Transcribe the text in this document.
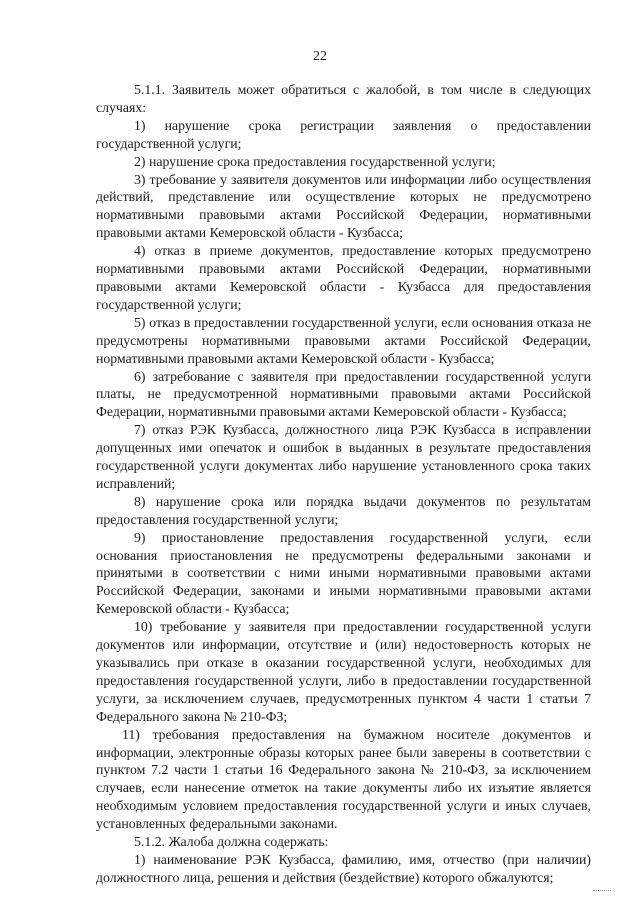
22

5.1.1. Заявитель может обратиться с жалобой, в том числе в следующих случаях:

1) нарушение срока регистрации заявления о предоставлении государственной услуги;

2) нарушение срока предоставления государственной услуги;

3) требование у заявителя документов или информации либо осуществления действий, представление или осуществление которых не предусмотрено нормативными правовыми актами Российской Федерации, нормативными правовыми актами Кемеровской области - Кузбасса;

4) отказ в приеме документов, предоставление которых предусмотрено нормативными правовыми актами Российской Федерации, нормативными правовыми актами Кемеровской области - Кузбасса для предоставления государственной услуги;

5) отказ в предоставлении государственной услуги, если основания отказа не предусмотрены нормативными правовыми актами Российской Федерации, нормативными правовыми актами Кемеровской области - Кузбасса;

6) затребование с заявителя при предоставлении государственной услуги платы, не предусмотренной нормативными правовыми актами Российской Федерации, нормативными правовыми актами Кемеровской области - Кузбасса;

7) отказ РЭК Кузбасса, должностного лица РЭК Кузбасса в исправлении допущенных ими опечаток и ошибок в выданных в результате предоставления государственной услуги документах либо нарушение установленного срока таких исправлений;

8) нарушение срока или порядка выдачи документов по результатам предоставления государственной услуги;

9) приостановление предоставления государственной услуги, если основания приостановления не предусмотрены федеральными законами и принятыми в соответствии с ними иными нормативными правовыми актами Российской Федерации, законами и иными нормативными правовыми актами Кемеровской области - Кузбасса;

10) требование у заявителя при предоставлении государственной услуги документов или информации, отсутствие и (или) недостоверность которых не указывались при отказе в оказании государственной услуги, необходимых для предоставления государственной услуги, либо в предоставлении государственной услуги, за исключением случаев, предусмотренных пунктом 4 части 1 статьи 7 Федерального закона № 210-ФЗ;

11) требования предоставления на бумажном носителе документов и информации, электронные образы которых ранее были заверены в соответствии с пунктом 7.2 части 1 статьи 16 Федерального закона № 210-ФЗ, за исключением случаев, если нанесение отметок на такие документы либо их изъятие является необходимым условием предоставления государственной услуги и иных случаев, установленных федеральными законами.

5.1.2. Жалоба должна содержать:

1) наименование РЭК Кузбасса, фамилию, имя, отчество (при наличии) должностного лица, решения и действия (бездействие) которого обжалуются;
